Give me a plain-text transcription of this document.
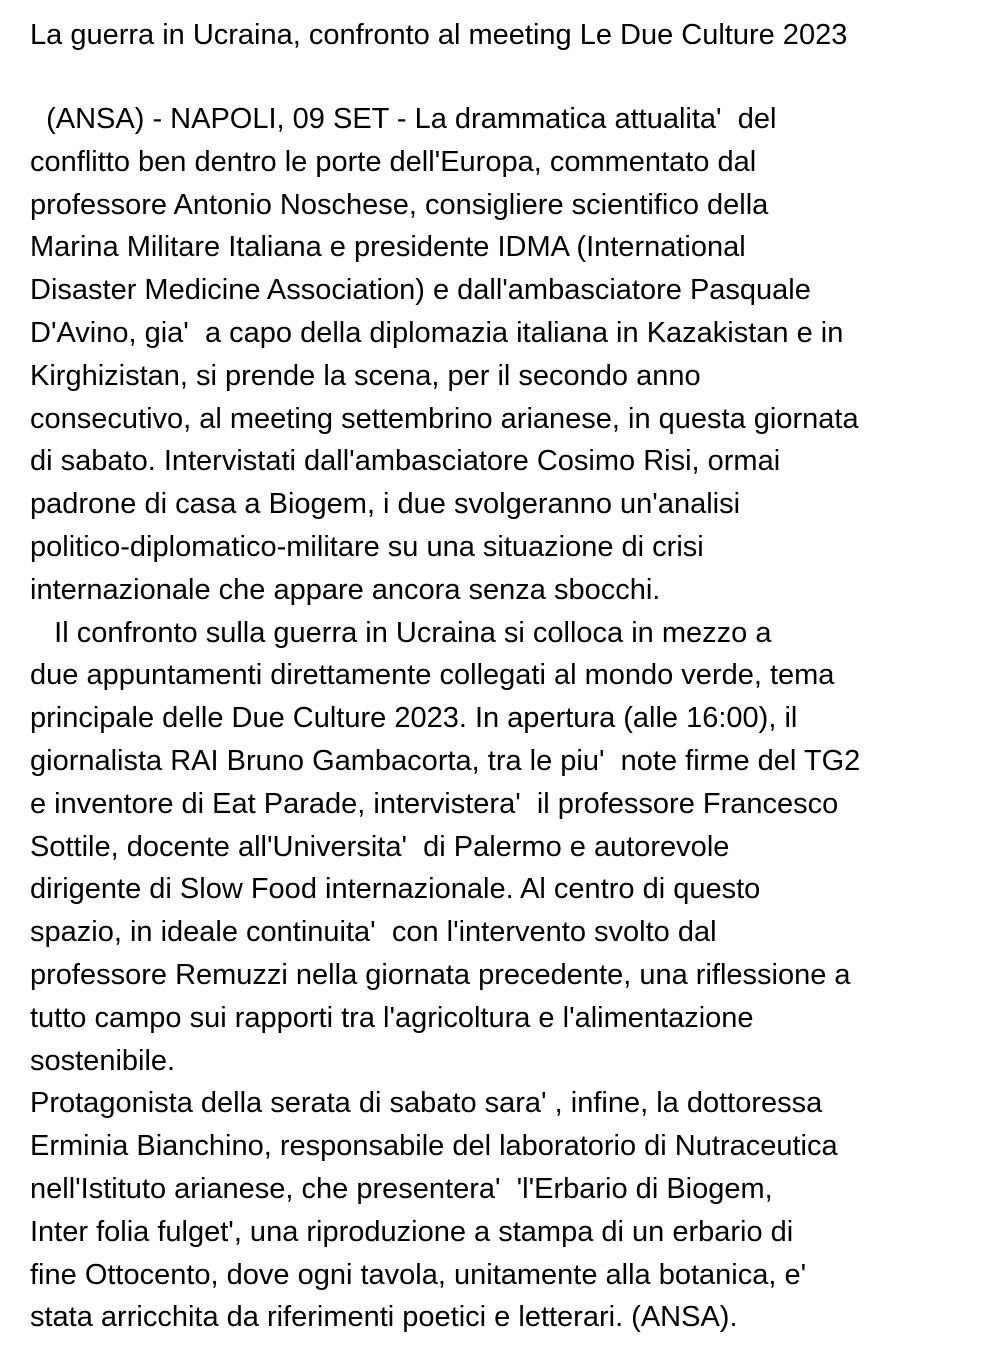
La guerra in Ucraina, confronto al meeting Le Due Culture 2023
(ANSA) - NAPOLI, 09 SET - La drammatica attualita'  del
conflitto ben dentro le porte dell'Europa, commentato dal
professore Antonio Noschese, consigliere scientifico della
Marina Militare Italiana e presidente IDMA (International
Disaster Medicine Association) e dall'ambasciatore Pasquale
D'Avino, gia'  a capo della diplomazia italiana in Kazakistan e in
Kirghizistan, si prende la scena, per il secondo anno
consecutivo, al meeting settembrino arianese, in questa giornata
di sabato. Intervistati dall'ambasciatore Cosimo Risi, ormai
padrone di casa a Biogem, i due svolgeranno un'analisi
politico-diplomatico-militare su una situazione di crisi
internazionale che appare ancora senza sbocchi.
Il confronto sulla guerra in Ucraina si colloca in mezzo a
due appuntamenti direttamente collegati al mondo verde, tema
principale delle Due Culture 2023. In apertura (alle 16:00), il
giornalista RAI Bruno Gambacorta, tra le piu'  note firme del TG2
e inventore di Eat Parade, intervistera'  il professore Francesco
Sottile, docente all'Universita'  di Palermo e autorevole
dirigente di Slow Food internazionale. Al centro di questo
spazio, in ideale continuita'  con l'intervento svolto dal
professore Remuzzi nella giornata precedente, una riflessione a
tutto campo sui rapporti tra l'agricoltura e l'alimentazione
sostenibile.
Protagonista della serata di sabato sara' , infine, la dottoressa
Erminia Bianchino, responsabile del laboratorio di Nutraceutica
nell'Istituto arianese, che presentera'  'l'Erbario di Biogem,
Inter folia fulget', una riproduzione a stampa di un erbario di
fine Ottocento, dove ogni tavola, unitamente alla botanica, e'
stata arricchita da riferimenti poetici e letterari. (ANSA).
